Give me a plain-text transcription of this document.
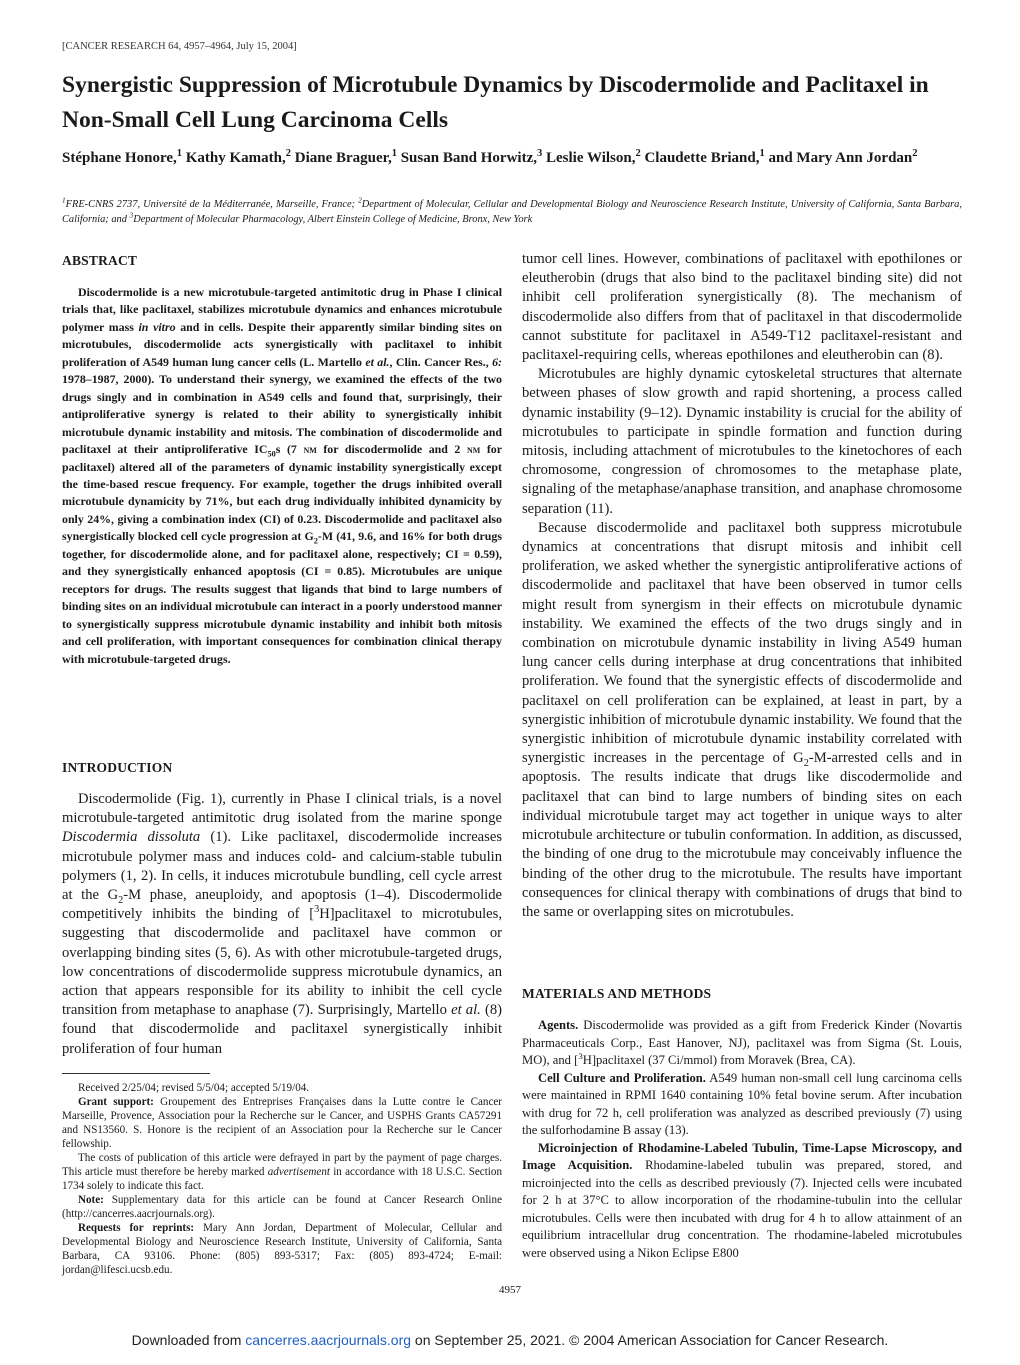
[CANCER RESEARCH 64, 4957–4964, July 15, 2004]
Synergistic Suppression of Microtubule Dynamics by Discodermolide and Paclitaxel in Non-Small Cell Lung Carcinoma Cells
Stéphane Honore,$^1$ Kathy Kamath,$^2$ Diane Braguer,$^1$ Susan Band Horwitz,$^3$ Leslie Wilson,$^2$ Claudette Briand,$^1$ and Mary Ann Jordan$^2$
$^1$FRE-CNRS 2737, Université de la Méditerranée, Marseille, France; $^2$Department of Molecular, Cellular and Developmental Biology and Neuroscience Research Institute, University of California, Santa Barbara, California; and $^3$Department of Molecular Pharmacology, Albert Einstein College of Medicine, Bronx, New York
ABSTRACT
Discodermolide is a new microtubule-targeted antimitotic drug in Phase I clinical trials that, like paclitaxel, stabilizes microtubule dynamics and enhances microtubule polymer mass in vitro and in cells. Despite their apparently similar binding sites on microtubules, discodermolide acts synergistically with paclitaxel to inhibit proliferation of A549 human lung cancer cells (L. Martello et al., Clin. Cancer Res., 6: 1978–1987, 2000). To understand their synergy, we examined the effects of the two drugs singly and in combination in A549 cells and found that, surprisingly, their antiproliferative synergy is related to their ability to synergistically inhibit microtubule dynamic instability and mitosis. The combination of discodermolide and paclitaxel at their antiproliferative $IC_{50}s$ (7 nm for discodermolide and 2 nm for paclitaxel) altered all of the parameters of dynamic instability synergistically except the time-based rescue frequency. For example, together the drugs inhibited overall microtubule dynamicity by 71%, but each drug individually inhibited dynamicity by only 24%, giving a combination index (CI) of 0.23. Discodermolide and paclitaxel also synergistically blocked cell cycle progression at $G_2-M$ (41, 9.6, and 16% for both drugs together, for discodermolide alone, and for paclitaxel alone, respectively; CI = 0.59), and they synergistically enhanced apoptosis (CI = 0.85). Microtubules are unique receptors for drugs. The results suggest that ligands that bind to large numbers of binding sites on an individual microtubule can interact in a poorly understood manner to synergistically suppress microtubule dynamic instability and inhibit both mitosis and cell proliferation, with important consequences for combination clinical therapy with microtubule-targeted drugs.
INTRODUCTION
Discodermolide (Fig. 1), currently in Phase I clinical trials, is a novel microtubule-targeted antimitotic drug isolated from the marine sponge Discodermia dissoluta (1). Like paclitaxel, discodermolide increases microtubule polymer mass and induces cold- and calcium-stable tubulin polymers (1, 2). In cells, it induces microtubule bundling, cell cycle arrest at the $G_2-M$ phase, aneuploidy, and apoptosis (1–4). Discodermolide competitively inhibits the binding of [$^3$H]paclitaxel to microtubules, suggesting that discodermolide and paclitaxel have common or overlapping binding sites (5, 6). As with other microtubule-targeted drugs, low concentrations of discodermolide suppress microtubule dynamics, an action that appears responsible for its ability to inhibit the cell cycle transition from metaphase to anaphase (7). Surprisingly, Martello et al. (8) found that discodermolide and paclitaxel synergistically inhibit proliferation of four human

Received 2/25/04; revised 5/5/04; accepted 5/19/04.

Grant support: Groupement des Entreprises Françaises dans la Lutte contre le Cancer Marseille, Provence, Association pour la Recherche sur le Cancer, and USPHS Grants CA57291 and NS13560. S. Honore is the recipient of an Association pour la Recherche sur le Cancer fellowship.

The costs of publication of this article were defrayed in part by the payment of page charges. This article must therefore be hereby marked advertisement in accordance with 18 U.S.C. Section 1734 solely to indicate this fact.

Note: Supplementary data for this article can be found at Cancer Research Online (http://cancerres.aacrjournals.org).

Requests for reprints: Mary Ann Jordan, Department of Molecular, Cellular and Developmental Biology and Neuroscience Research Institute, University of California, Santa Barbara, CA 93106. Phone: (805) 893-5317; Fax: (805) 893-4724; E-mail: jordan@lifesci.ucsb.edu.

tumor cell lines. However, combinations of paclitaxel with epothilones or eleutherobin (drugs that also bind to the paclitaxel binding site) did not inhibit cell proliferation synergistically (8). The mechanism of discodermolide also differs from that of paclitaxel in that discodermolide cannot substitute for paclitaxel in A549-T12 paclitaxel-resistant and paclitaxel-requiring cells, whereas epothilones and eleutherobin can (8).

Microtubules are highly dynamic cytoskeletal structures that alternate between phases of slow growth and rapid shortening, a process called dynamic instability (9–12). Dynamic instability is crucial for the ability of microtubules to participate in spindle formation and function during mitosis, including attachment of microtubules to the kinetochores of each chromosome, congression of chromosomes to the metaphase plate, signaling of the metaphase/anaphase transition, and anaphase chromosome separation (11).

Because discodermolide and paclitaxel both suppress microtubule dynamics at concentrations that disrupt mitosis and inhibit cell proliferation, we asked whether the synergistic antiproliferative actions of discodermolide and paclitaxel that have been observed in tumor cells might result from synergism in their effects on microtubule dynamic instability. We examined the effects of the two drugs singly and in combination on microtubule dynamic instability in living A549 human lung cancer cells during interphase at drug concentrations that inhibited proliferation. We found that the synergistic effects of discodermolide and paclitaxel on cell proliferation can be explained, at least in part, by a synergistic inhibition of microtubule dynamic instability. We found that the synergistic inhibition of microtubule dynamic instability correlated with synergistic increases in the percentage of $G_2-M$-arrested cells and in apoptosis. The results indicate that drugs like discodermolide and paclitaxel that can bind to large numbers of binding sites on each individual microtubule target may act together in unique ways to alter microtubule architecture or tubulin conformation. In addition, as discussed, the binding of one drug to the microtubule may conceivably influence the binding of the other drug to the microtubule. The results have important consequences for clinical therapy with combinations of drugs that bind to the same or overlapping sites on microtubules.

MATERIALS AND METHODS

Agents. Discodermolide was provided as a gift from Frederick Kinder (Novartis Pharmaceuticals Corp., East Hanover, NJ), paclitaxel was from Sigma (St. Louis, MO), and [$^3$H]paclitaxel (37 Ci/mmol) from Moravek (Brea, CA).

Cell Culture and Proliferation. A549 human non-small cell lung carcinoma cells were maintained in RPMI 1640 containing 10% fetal bovine serum. After incubation with drug for 72 h, cell proliferation was analyzed as described previously (7) using the sulforhodamine B assay (13).

Microinjection of Rhodamine-Labeled Tubulin, Time-Lapse Microscopy, and Image Acquisition. Rhodamine-labeled tubulin was prepared, stored, and microinjected into the cells as described previously (7). Injected cells were incubated for 2 h at 37°C to allow incorporation of the rhodamine-tubulin into the cellular microtubules. Cells were then incubated with drug for 4 h to allow attainment of an equilibrium intracellular drug concentration. The rhodamine-labeled microtubules were observed using a Nikon Eclipse E800

4957
Downloaded from cancerres.aacrjournals.org on September 25, 2021. © 2004 American Association for Cancer Research.
